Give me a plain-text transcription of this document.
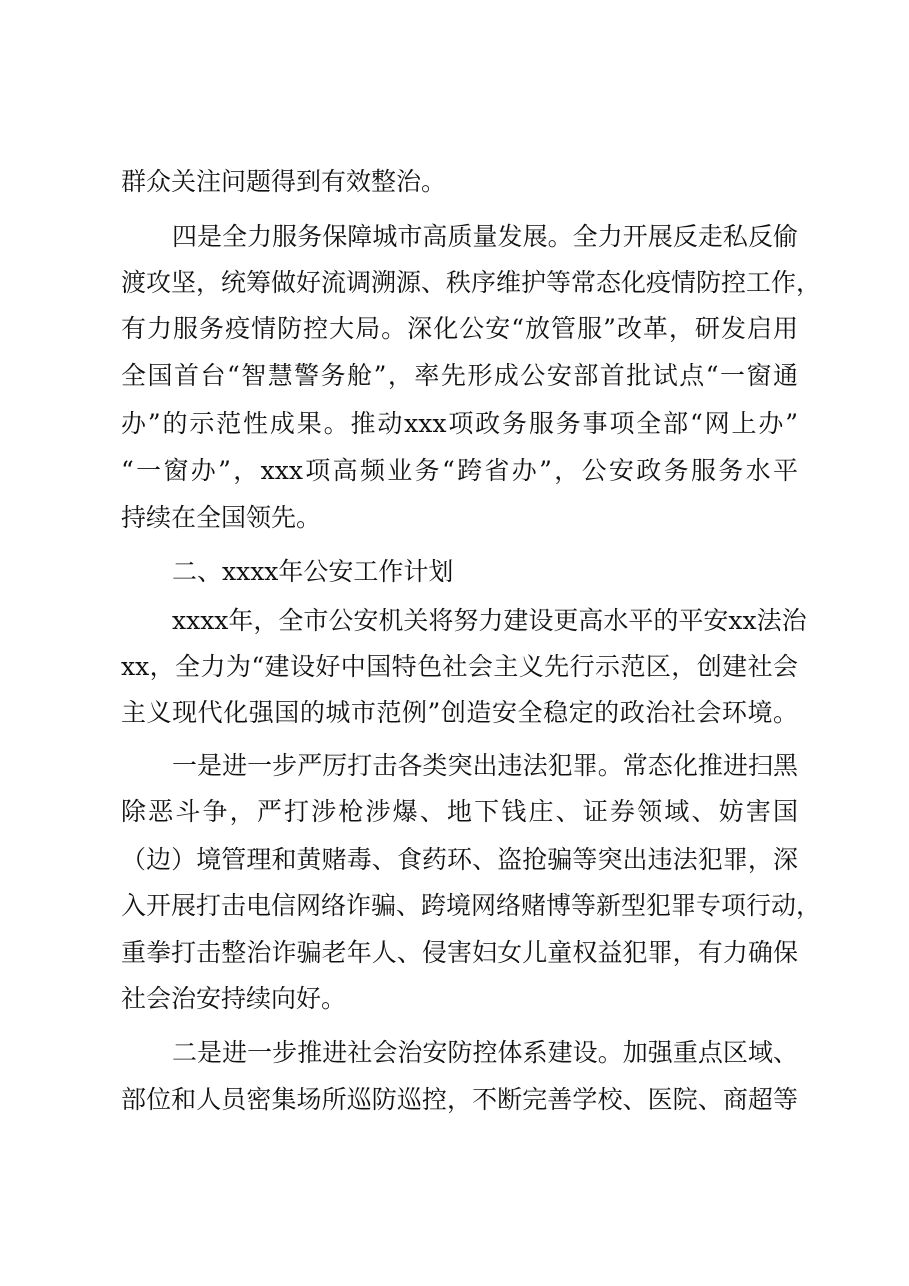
群众关注问题得到有效整治。

四是全力服务保障城市高质量发展。全力开展反走私反偷

渡攻坚，统筹做好流调溯源、秩序维护等常态化疫情防控工作，

有力服务疫情防控大局。深化公安“放管服”改革，研发启用

全国首台“智慧警务舱”，率先形成公安部首批试点“一窗通

办”的示范性成果。推动xxx项政务服务事项全部“网上办”

“一窗办”，xxx项高频业务“跨省办”，公安政务服务水平

持续在全国领先。

二、xxxx年公安工作计划

xxxx年，全市公安机关将努力建设更高水平的平安xx法治

xx，全力为“建设好中国特色社会主义先行示范区，创建社会

主义现代化强国的城市范例”创造安全稳定的政治社会环境。

一是进一步严厉打击各类突出违法犯罪。常态化推进扫黑

除恶斗争，严打涉枪涉爆、地下钱庄、证券领域、妨害国

（边）境管理和黄赌毒、食药环、盗抢骗等突出违法犯罪，深

入开展打击电信网络诈骗、跨境网络赌博等新型犯罪专项行动，

重拳打击整治诈骗老年人、侵害妇女儿童权益犯罪，有力确保

社会治安持续向好。

二是进一步推进社会治安防控体系建设。加强重点区域、

部位和人员密集场所巡防巡控，不断完善学校、医院、商超等
